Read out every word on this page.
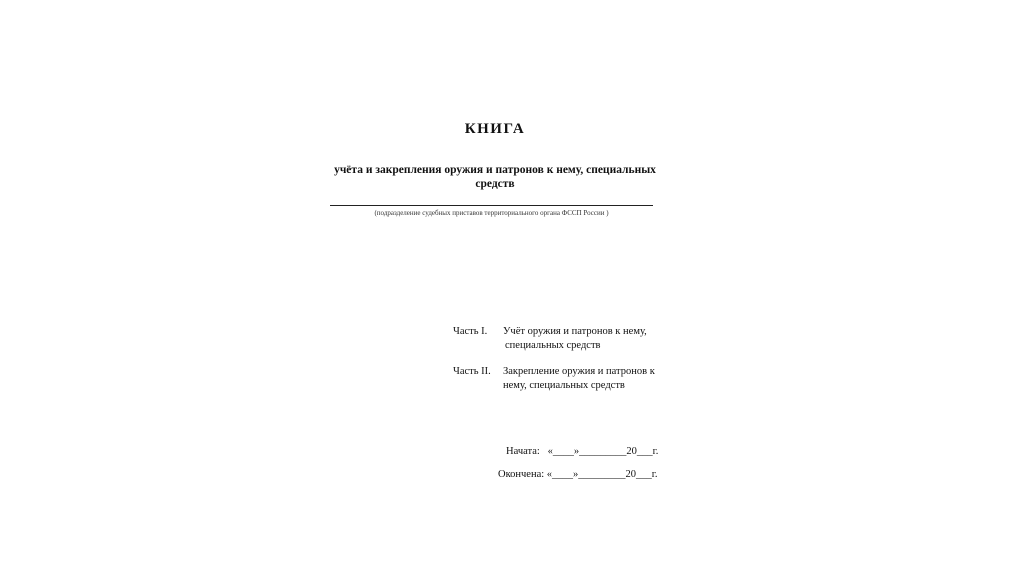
КНИГА
учёта и закрепления оружия и патронов к нему, специальных
средств
(подразделение судебных приставов территориального органа ФССП России )
Часть I. Учёт оружия и патронов к нему,
специальных средств
Часть II. Закрепление оружия и патронов к
нему, специальных средств
Начата:   «____»_________20___г.
Окончена: «____»_________20___г.
